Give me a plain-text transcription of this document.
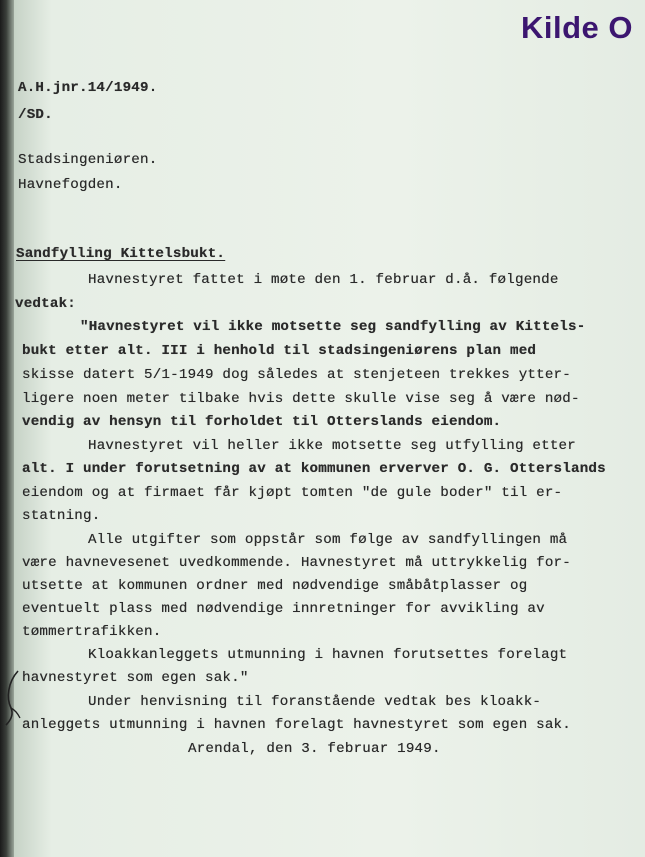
Kilde O
A.H.jnr.14/1949.
/SD.
Stadsingeniøren.
Havnefogden.
Sandfylling Kittelsbukt.
Havnestyret fattet i møte den 1. februar d.å. følgende
vedtak:
"Havnestyret vil ikke motsette seg sandfylling av Kittels-
bukt etter alt. III i henhold til stadsingeniørens plan med
skisse datert 5/1-1949 dog således at stenjeteen trekkes ytter-
ligere noen meter tilbake hvis dette skulle vise seg å være nød-
vendig av hensyn til forholdet til Otterslands eiendom.
Havnestyret vil heller ikke motsette seg utfylling etter
alt. I under forutsetning av at kommunen erverver O. G. Otterslands
eiendom og at firmaet får kjøpt tomten "de gule boder" til er-
statning.
Alle utgifter som oppstår som følge av sandfyllingen må
være havnevesenet uvedkommende. Havnestyret må uttrykkelig for-
utsette at kommunen ordner med nødvendige småbåtplasser og
eventuelt plass med nødvendige innretninger for avvikling av
tømmertrafikken.
Kloakkanleggets utmunning i havnen forutsettes forelagt
havnestyret som egen sak."
Under henvisning til foranstående vedtak bes kloakk-
anleggets utmunning i havnen forelagt havnestyret som egen sak.
Arendal, den 3. februar 1949.
